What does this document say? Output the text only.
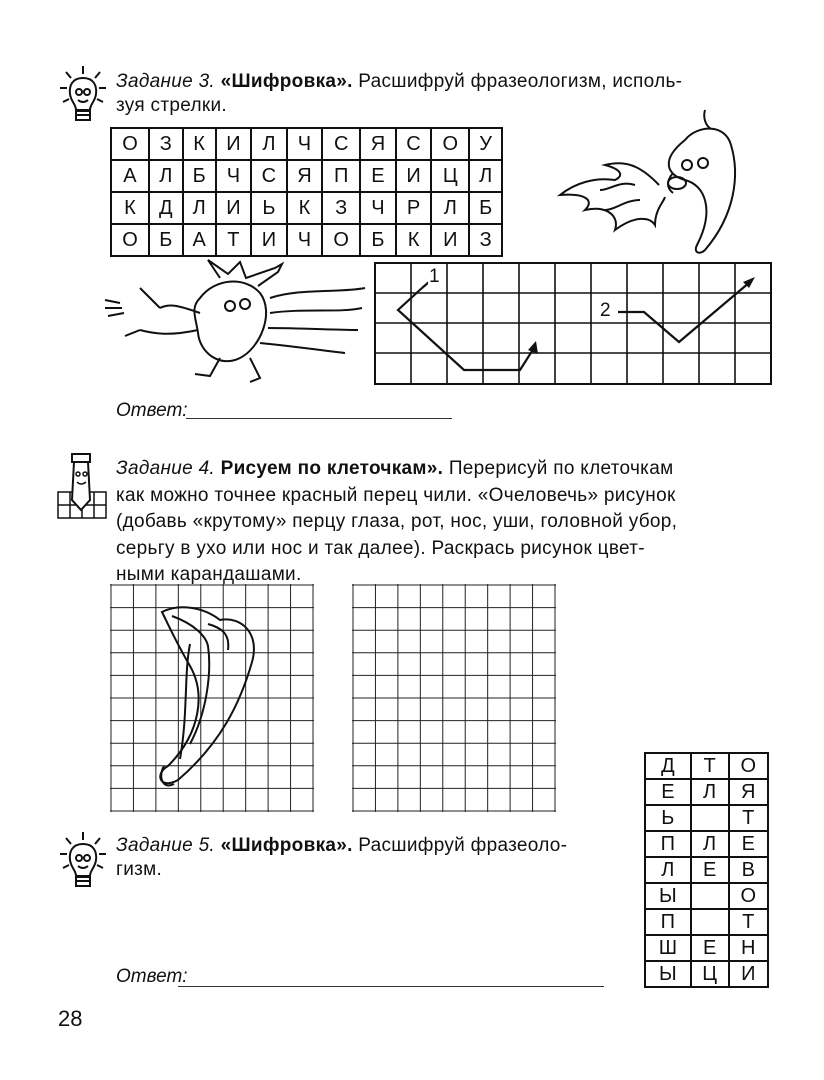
Задание 3. «Шифровка». Расшифруй фразеологизм, исполь-
зуя стрелки.
О	З	К	И	Л	Ч	С	Я	С	О	У
А	Л	Б	Ч	С	Я	П	Е	И	Ц	Л
К	Д	Л	И	Ь	К	З	Ч	Р	Л	Б
О	Б	А	Т	И	Ч	О	Б	К	И	З
1
2
Ответ:
Задание 4. Рисуем по клеточкам». Перерисуй по клеточкам
как можно точнее красный перец чили. «Очеловечь» рисунок
(добавь «крутому» перцу глаза, рот, нос, уши, головной убор,
серьгу в ухо или нос и так далее). Раскрась рисунок цвет-
ными карандашами.
Задание 5. «Шифровка». Расшифруй фразеоло-
гизм.
Д	Т	О
Е	Л	Я
Ь		Т
П	Л	Е
Л	Е	В
Ы		О
П		Т
Ш	Е	Н
Ы	Ц	И
Ответ:
28
